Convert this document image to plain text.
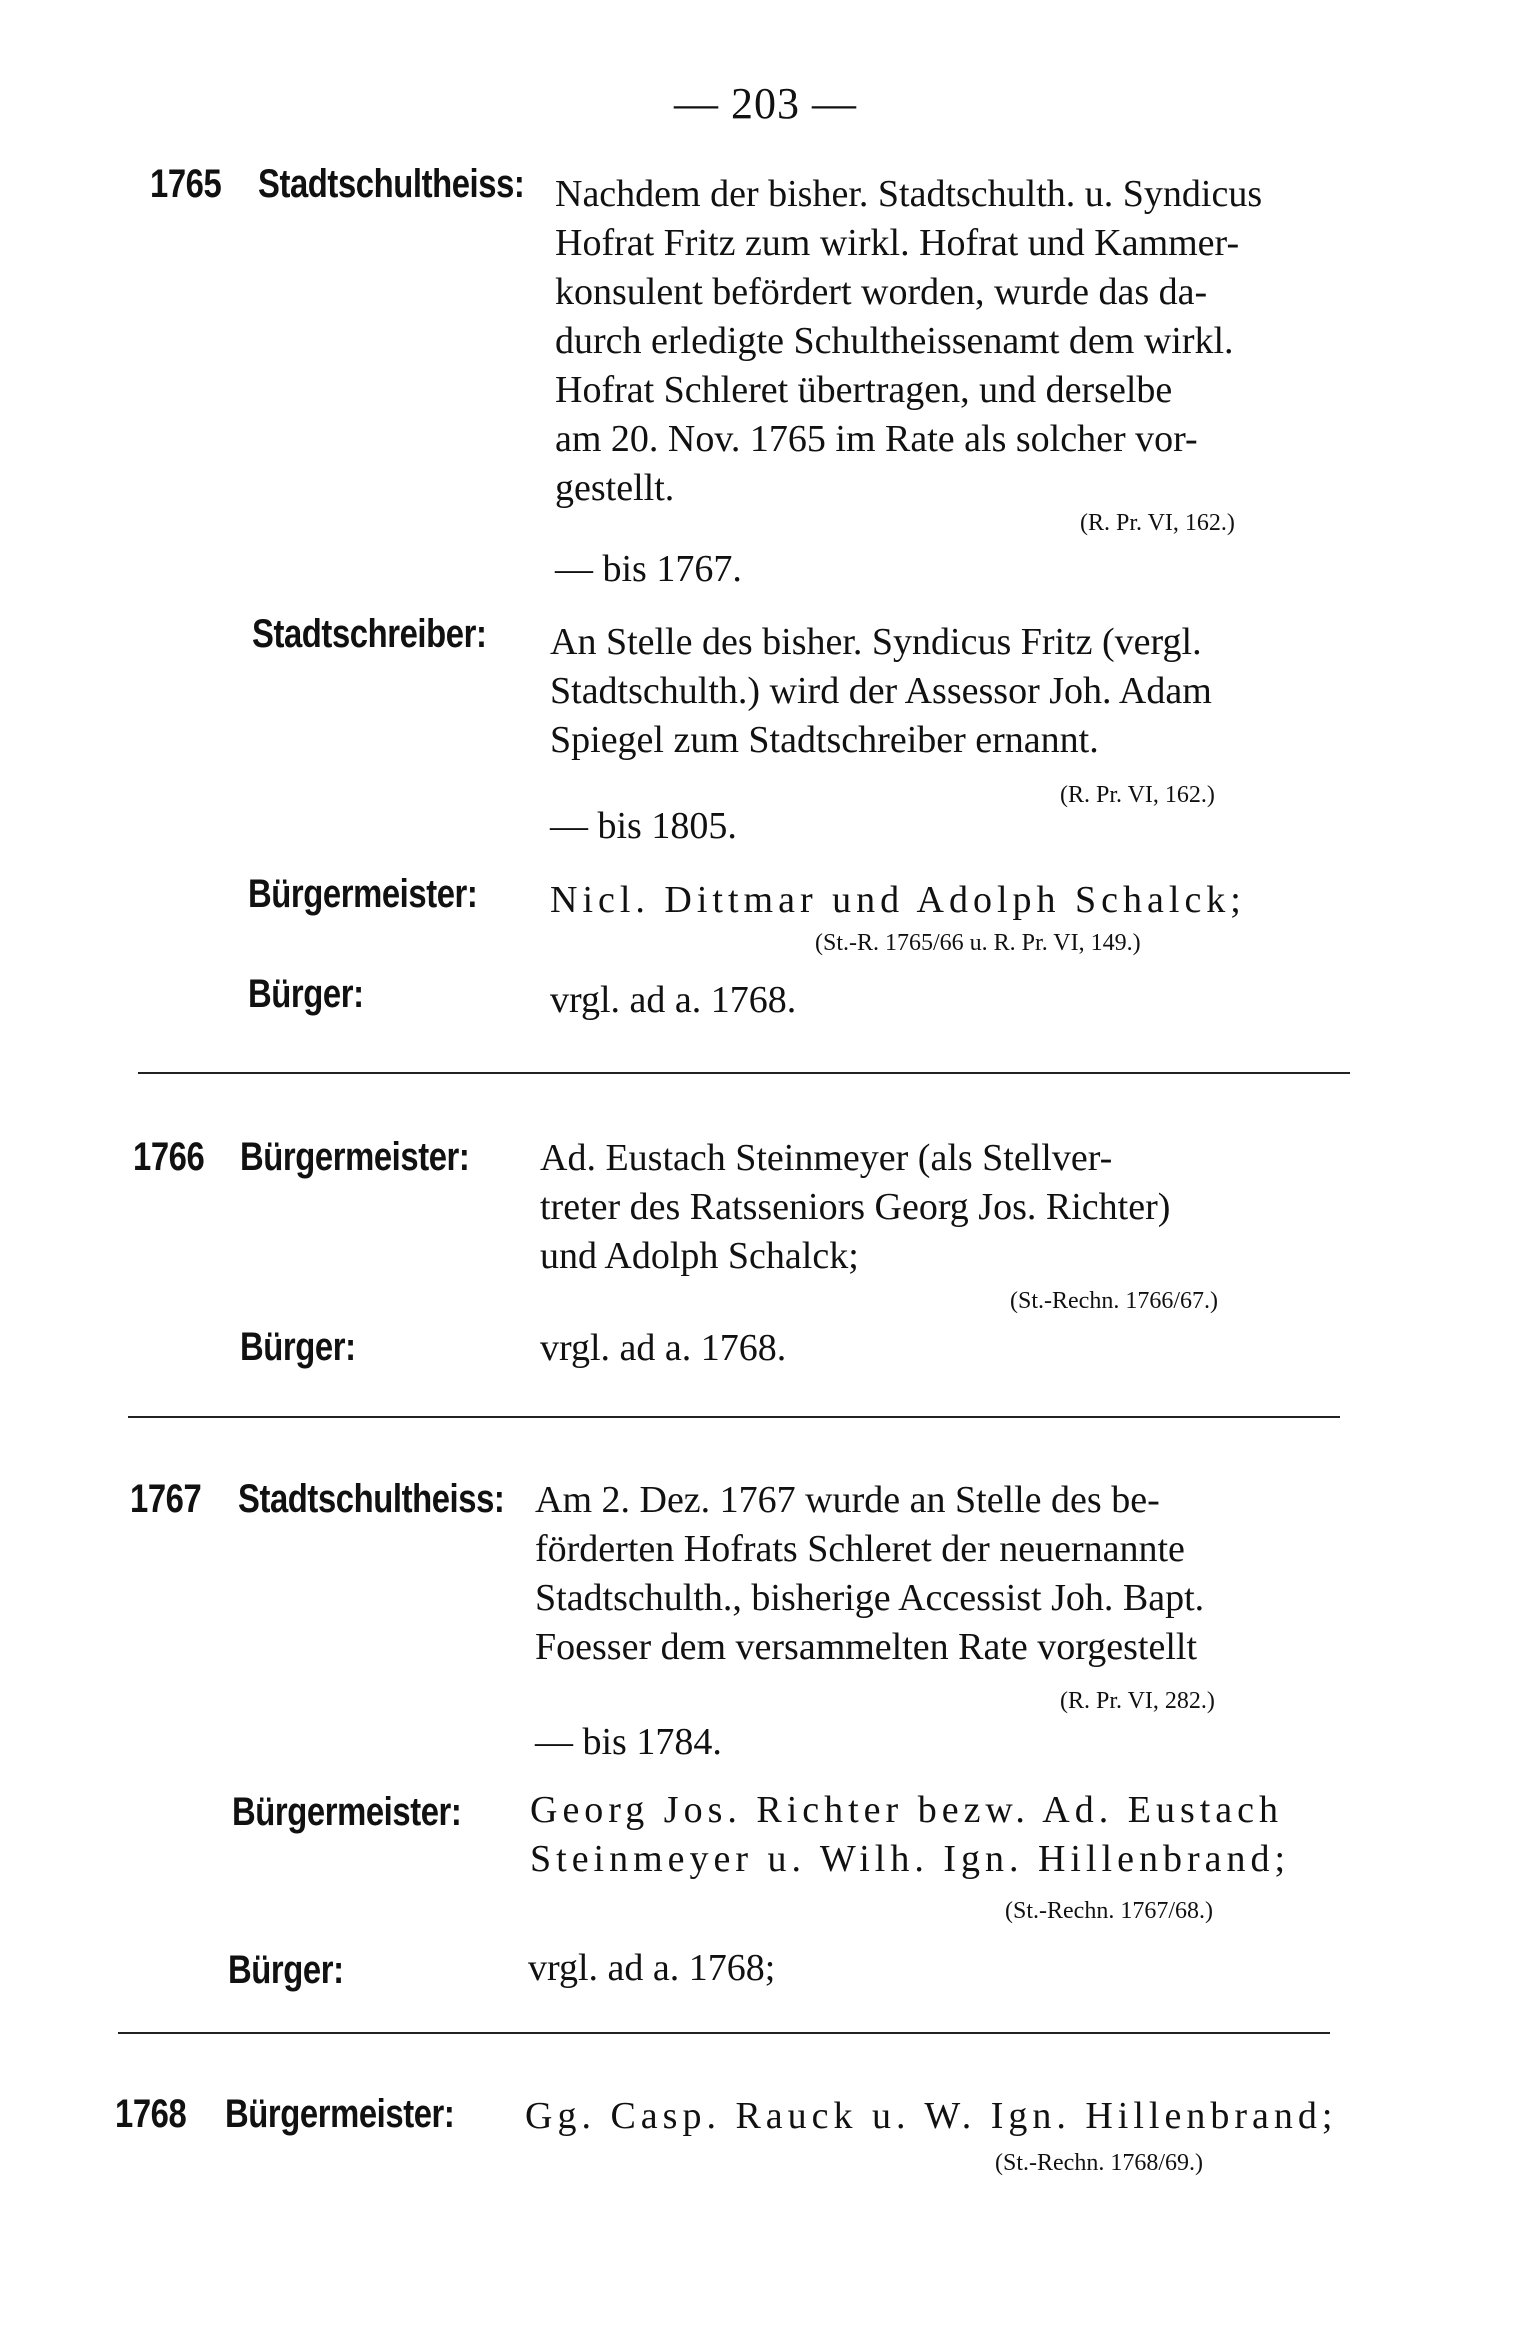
— 203 —
1765 Stadtschultheiss: Nachdem der bisher. Stadtschulth. u. Syndicus
Hofrat Fritz zum wirkl. Hofrat und Kammer-
konsulent befördert worden, wurde das da-
durch erledigte Schultheissenamt dem wirkl.
Hofrat Schleret übertragen, und derselbe
am 20. Nov. 1765 im Rate als solcher vor-
gestellt.
(R. Pr. VI, 162.)
— bis 1767.
Stadtschreiber: An Stelle des bisher. Syndicus Fritz (vergl.
Stadtschulth.) wird der Assessor Joh. Adam
Spiegel zum Stadtschreiber ernannt.
(R. Pr. VI, 162.)
— bis 1805.
Bürgermeister: Nicl. Dittmar und Adolph Schalck;
(St.-R. 1765/66 u. R. Pr. VI, 149.)
Bürger:	vrgl. ad a. 1768.
1766 Bürgermeister: Ad. Eustach Steinmeyer (als Stellver-
treter des Ratsseniors Georg Jos. Richter)
und Adolph Schalck;
(St.-Rechn. 1766/67.)
Bürger:	vrgl. ad a. 1768.
1767 Stadtschultheiss: Am 2. Dez. 1767 wurde an Stelle des be-
förderten Hofrats Schleret der neuernannte
Stadtschulth., bisherige Accessist Joh. Bapt.
Foesser dem versammelten Rate vorgestellt
(R. Pr. VI, 282.)
— bis 1784.
Bürgermeister: Georg Jos. Richter bezw. Ad. Eustach
Steinmeyer u. Wilh. Ign. Hillenbrand;
(St.-Rechn. 1767/68.)
Bürger:	vrgl. ad a. 1768;
1768 Bürgermeister: Gg. Casp. Rauck u. W. Ign. Hillenbrand;
(St.-Rechn. 1768/69.)
